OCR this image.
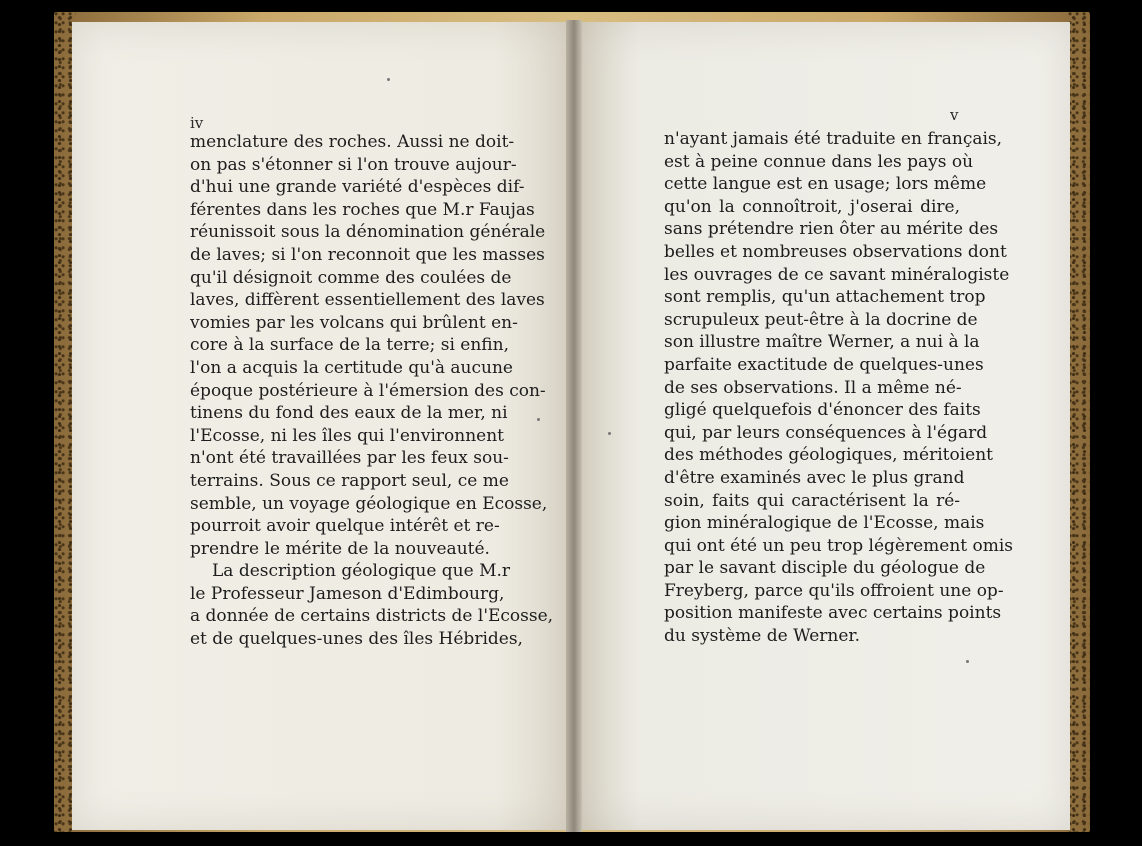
iv	v
menclature des roches. Aussi ne doit-
on pas s'étonner si l'on trouve aujour-
d'hui une grande variété d'espèces dif-
férentes dans les roches que M.r Faujas
réunissoit sous la dénomination générale
de laves; si l'on reconnoit que les masses
qu'il désignoit comme des coulées de
laves, diffèrent essentiellement des laves
vomies par les volcans qui brûlent en-
core à la surface de la terre; si enfin,
l'on a acquis la certitude qu'à aucune
époque postérieure à l'émersion des con-
tinens du fond des eaux de la mer, ni
l'Ecosse, ni les îles qui l'environnent
n'ont été travaillées par les feux sou-
terrains. Sous ce rapport seul, ce me
semble, un voyage géologique en Ecosse,
pourroit avoir quelque intérêt et re-
prendre le mérite de la nouveauté.
La description géologique que M.r
le Professeur Jameson d'Edimbourg,
a donnée de certains districts de l'Ecosse,
et de quelques-unes des îles Hébrides,
n'ayant jamais été traduite en français,
est à peine connue dans les pays où
cette langue est en usage; lors même
qu'on la connoîtroit, j'oserai dire,
sans prétendre rien ôter au mérite des
belles et nombreuses observations dont
les ouvrages de ce savant minéralogiste
sont remplis, qu'un attachement trop
scrupuleux peut-être à la docrine de
son illustre maître Werner, a nui à la
parfaite exactitude de quelques-unes
de ses observations. Il a même né-
gligé quelquefois d'énoncer des faits
qui, par leurs conséquences à l'égard
des méthodes géologiques, méritoient
d'être examinés avec le plus grand
soin, faits qui caractérisent la ré-
gion minéralogique de l'Ecosse, mais
qui ont été un peu trop légèrement omis
par le savant disciple du géologue de
Freyberg, parce qu'ils offroient une op-
position manifeste avec certains points
du système de Werner.
